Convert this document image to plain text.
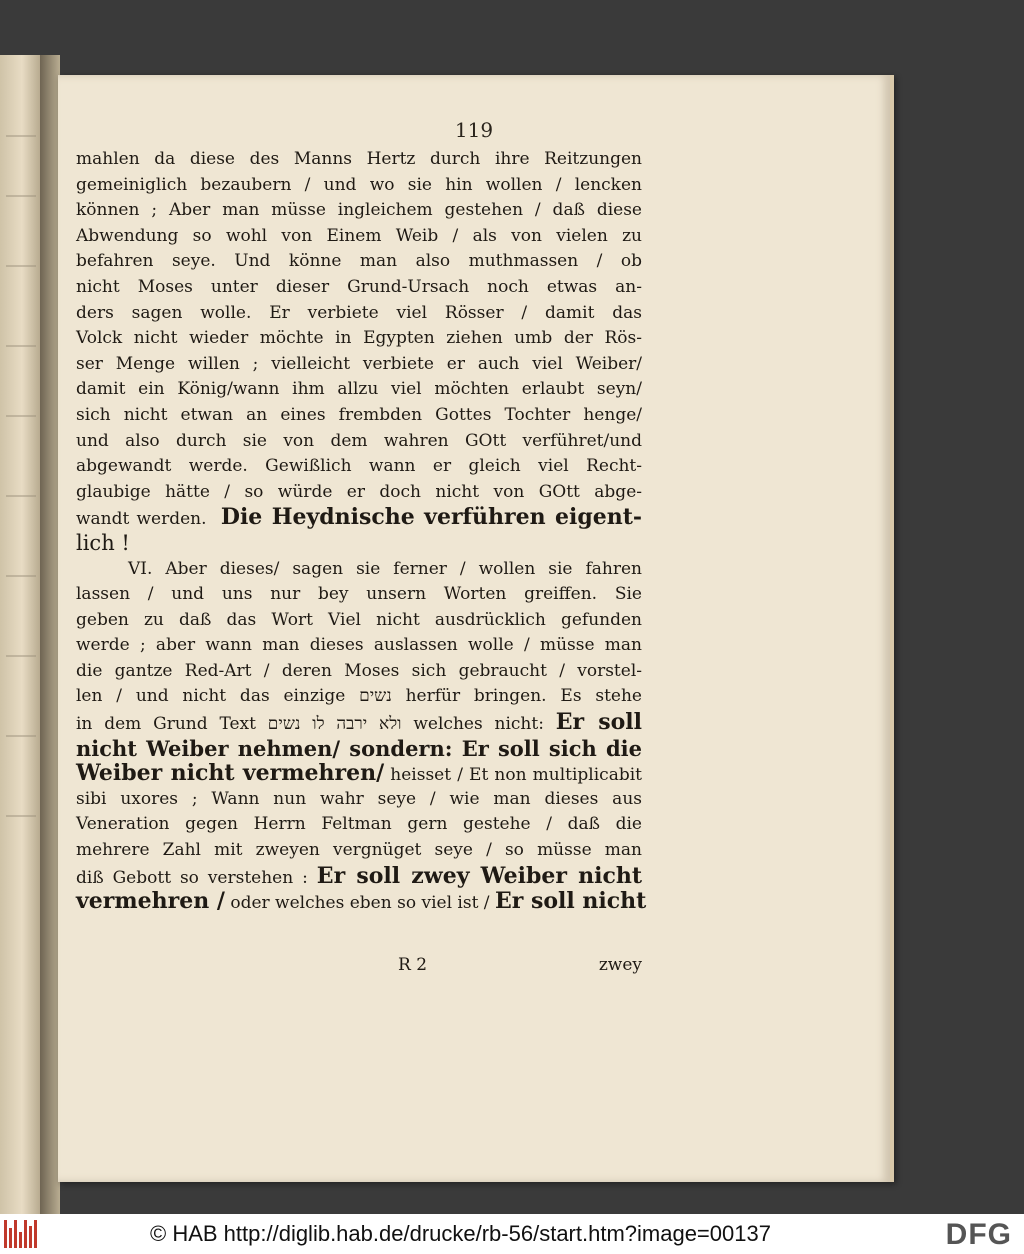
119
mahlen da diese des Manns Hertz durch ihre Reitzungen
gemeiniglich bezaubern / und wo sie hin wollen / lencken
können ; Aber man müsse ingleichem gestehen / daß diese
Abwendung so wohl von Einem Weib / als von vielen zu
befahren seye. Und könne man also muthmassen / ob
nicht Moses unter dieser Grund-Ursach noch etwas an-
ders sagen wolle. Er verbiete viel Rösser / damit das
Volck nicht wieder möchte in Egypten ziehen umb der Rös-
ser Menge willen ; vielleicht verbiete er auch viel Weiber/
damit ein König/wann ihm allzu viel möchten erlaubt seyn/
sich nicht etwan an eines frembden Gottes Tochter henge/
und also durch sie von dem wahren GOtt verführet/und
abgewandt werde. Gewißlich wann er gleich viel Recht-
glaubige hätte / so würde er doch nicht von GOtt abge-
wandt werden. Die Heydnische verführen eigent-
lich !
VI. Aber dieses/ sagen sie ferner / wollen sie fahren
lassen / und uns nur bey unsern Worten greiffen. Sie
geben zu daß das Wort Viel nicht ausdrücklich gefunden
werde ; aber wann man dieses auslassen wolle / müsse man
die gantze Red-Art / deren Moses sich gebraucht / vorstel-
len / und nicht das einzige נשים herfür bringen. Es stehe
in dem Grund Text ולא ירבה לו נשים welches nicht: Er soll
nicht Weiber nehmen/ sondern: Er soll sich die
Weiber nicht vermehren/ heisset / Et non multiplicabit
sibi uxores ; Wann nun wahr seye / wie man dieses aus
Veneration gegen Herrn Feltman gern gestehe / daß die
mehrere Zahl mit zweyen vergnüget seye / so müsse man
diß Gebott so verstehen : Er soll zwey Weiber nicht
vermehren / oder welches eben so viel ist / Er soll nicht
R 2	zwey
© HAB http://diglib.hab.de/drucke/rb-56/start.htm?image=00137	DFG
